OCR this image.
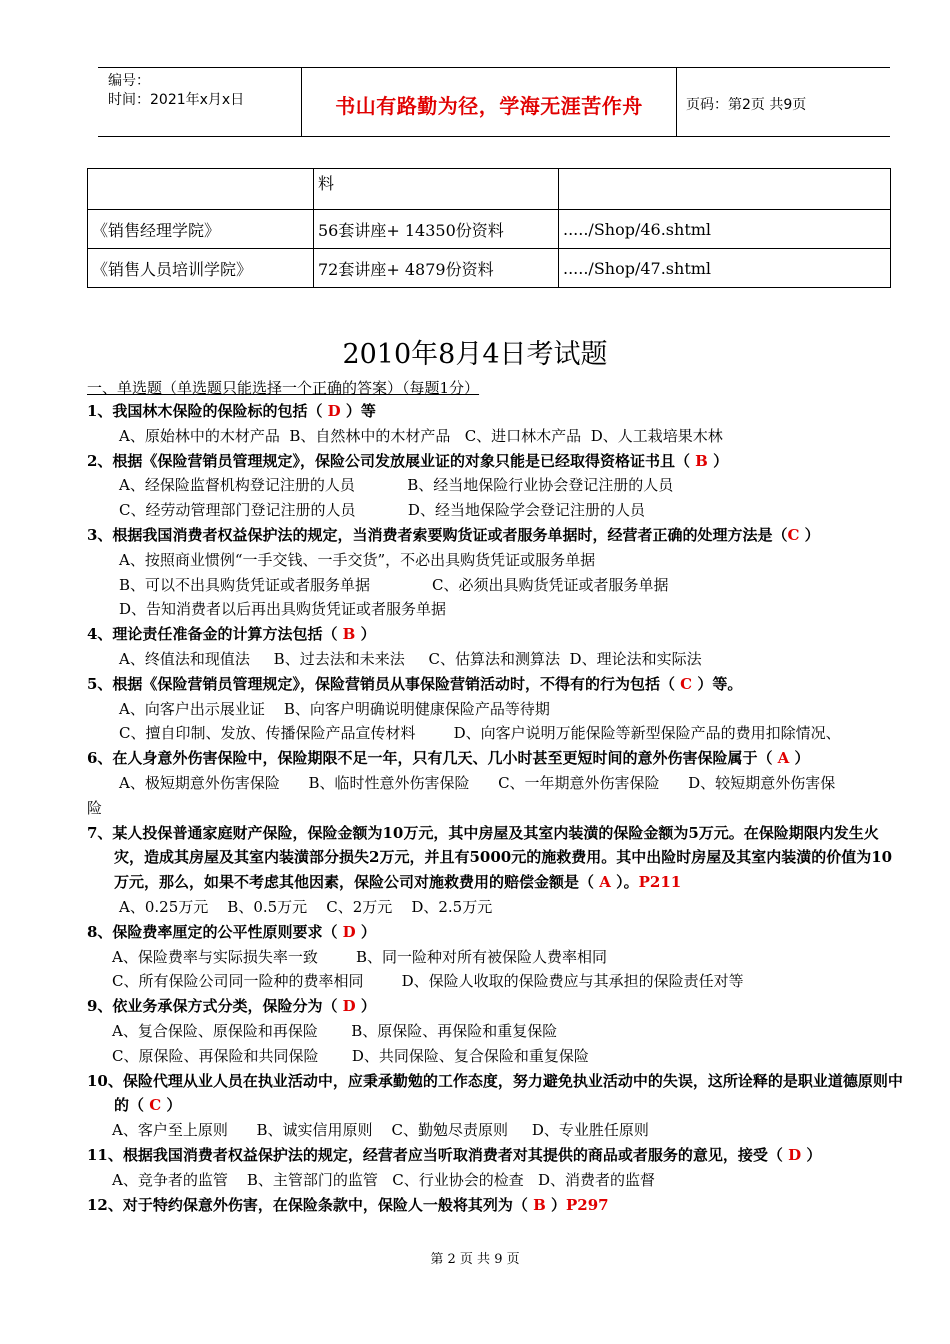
编号：
时间：2021年x月x日	书山有路勤为径，学海无涯苦作舟	页码：第2页 共9页
	料	
《销售经理学院》	56套讲座+ 14350份资料	...../Shop/46.shtml
《销售人员培训学院》	72套讲座+ 4879份资料	...../Shop/47.shtml
2010年8月4日考试题
一、单选题（单选题只能选择一个正确的答案）（每题1分）
1、我国林木保险的保险标的包括（ D ）等
A、原始林中的木材产品  B、自然林中的木材产品   C、进口林木产品  D、人工栽培果木林
2、根据《保险营销员管理规定》，保险公司发放展业证的对象只能是已经取得资格证书且（ B ）
A、经保险监督机构登记注册的人员           B、经当地保险行业协会登记注册的人员
C、经劳动管理部门登记注册的人员           D、经当地保险学会登记注册的人员
3、根据我国消费者权益保护法的规定，当消费者索要购货证或者服务单据时，经营者正确的处理方法是（C ）
A、按照商业惯例“一手交钱、一手交货”，不必出具购货凭证或服务单据
B、可以不出具购货凭证或者服务单据             C、必须出具购货凭证或者服务单据
D、告知消费者以后再出具购货凭证或者服务单据
4、理论责任准备金的计算方法包括（ B ）
A、终值法和现值法     B、过去法和未来法     C、估算法和测算法  D、理论法和实际法
5、根据《保险营销员管理规定》，保险营销员从事保险营销活动时，不得有的行为包括（ C ）等。
A、向客户出示展业证    B、向客户明确说明健康保险产品等待期
C、擅自印制、发放、传播保险产品宣传材料        D、向客户说明万能保险等新型保险产品的费用扣除情况、
6、在人身意外伤害保险中，保险期限不足一年，只有几天、几小时甚至更短时间的意外伤害保险属于（ A ）
A、极短期意外伤害保险      B、临时性意外伤害保险      C、一年期意外伤害保险      D、较短期意外伤害保
险
7、某人投保普通家庭财产保险，保险金额为10万元，其中房屋及其室内装潢的保险金额为5万元。在保险期限内发生火灾，造成其房屋及其室内装潢部分损失2万元，并且有5000元的施救费用。其中出险时房屋及其室内装潢的价值为10万元，那么，如果不考虑其他因素，保险公司对施救费用的赔偿金额是（ A ）。P211
A、0.25万元    B、0.5万元    C、2万元    D、2.5万元
8、保险费率厘定的公平性原则要求（ D ）
A、保险费率与实际损失率一致        B、同一险种对所有被保险人费率相同
C、所有保险公司同一险种的费率相同        D、保险人收取的保险费应与其承担的保险责任对等
9、依业务承保方式分类，保险分为（ D ）
A、复合保险、原保险和再保险       B、原保险、再保险和重复保险
C、原保险、再保险和共同保险       D、共同保险、复合保险和重复保险
10、保险代理从业人员在执业活动中，应秉承勤勉的工作态度，努力避免执业活动中的失误，这所诠释的是职业道德原则中的（ C ）
A、客户至上原则      B、诚实信用原则    C、勤勉尽责原则     D、专业胜任原则
11、根据我国消费者权益保护法的规定，经营者应当听取消费者对其提供的商品或者服务的意见，接受（ D ）
A、竞争者的监管    B、主管部门的监管   C、行业协会的检查   D、消费者的监督
12、对于特约保意外伤害，在保险条款中，保险人一般将其列为（ B ）P297
第 2 页 共 9 页
